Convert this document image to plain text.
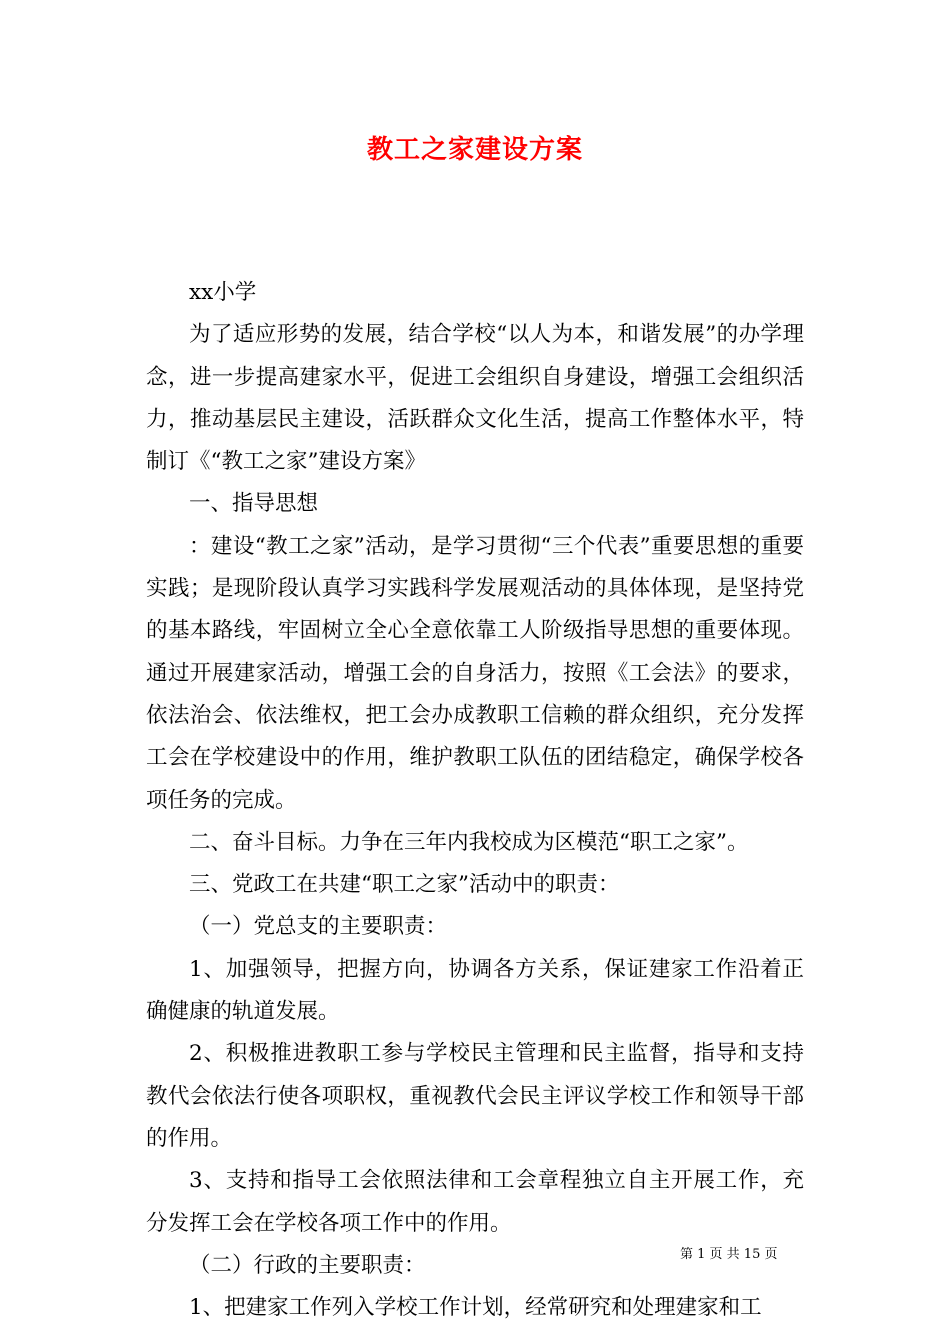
教工之家建设方案

xx小学

为了适应形势的发展，结合学校“以人为本，和谐发展”的办学理念，进一步提高建家水平，促进工会组织自身建设，增强工会组织活力，推动基层民主建设，活跃群众文化生活，提高工作整体水平，特制订《“教工之家”建设方案》

一、指导思想

：建设“教工之家”活动，是学习贯彻“三个代表”重要思想的重要实践；是现阶段认真学习实践科学发展观活动的具体体现，是坚持党的基本路线，牢固树立全心全意依靠工人阶级指导思想的重要体现。通过开展建家活动，增强工会的自身活力，按照《工会法》的要求，依法治会、依法维权，把工会办成教职工信赖的群众组织，充分发挥工会在学校建设中的作用，维护教职工队伍的团结稳定，确保学校各项任务的完成。

二、奋斗目标。力争在三年内我校成为区模范“职工之家”。

三、党政工在共建“职工之家”活动中的职责：

（一）党总支的主要职责：

1、加强领导，把握方向，协调各方关系，保证建家工作沿着正确健康的轨道发展。

2、积极推进教职工参与学校民主管理和民主监督，指导和支持教代会依法行使各项职权，重视教代会民主评议学校工作和领导干部的作用。

3、支持和指导工会依照法律和工会章程独立自主开展工作，充分发挥工会在学校各项工作中的作用。

（二）行政的主要职责：

1、把建家工作列入学校工作计划，经常研究和处理建家和工

第 1 页 共 15 页
